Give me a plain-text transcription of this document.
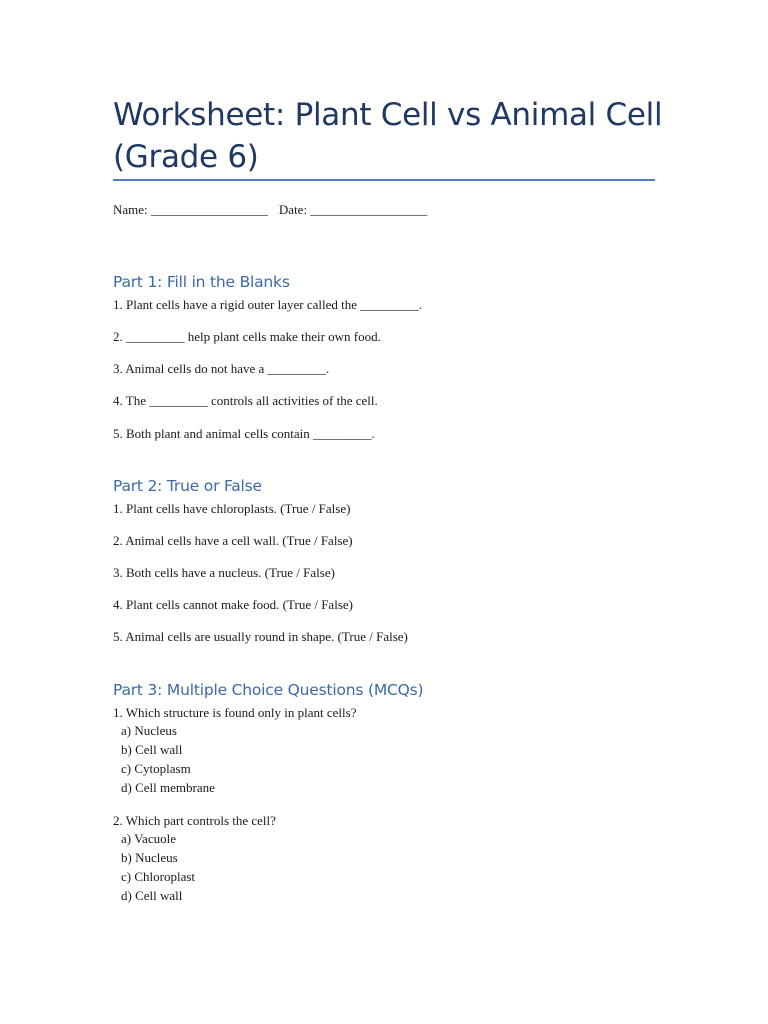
Worksheet: Plant Cell vs Animal Cell (Grade 6)
Name: __________________ Date: __________________
Part 1: Fill in the Blanks

1. Plant cells have a rigid outer layer called the _________.

2. _________ help plant cells make their own food.

3. Animal cells do not have a _________.

4. The _________ controls all activities of the cell.

5. Both plant and animal cells contain _________.

Part 2: True or False

1. Plant cells have chloroplasts. (True / False)

2. Animal cells have a cell wall. (True / False)

3. Both cells have a nucleus. (True / False)

4. Plant cells cannot make food. (True / False)

5. Animal cells are usually round in shape. (True / False)

Part 3: Multiple Choice Questions (MCQs)

1. Which structure is found only in plant cells?

a) Nucleus

b) Cell wall

c) Cytoplasm

d) Cell membrane

2. Which part controls the cell?

a) Vacuole

b) Nucleus

c) Chloroplast

d) Cell wall
